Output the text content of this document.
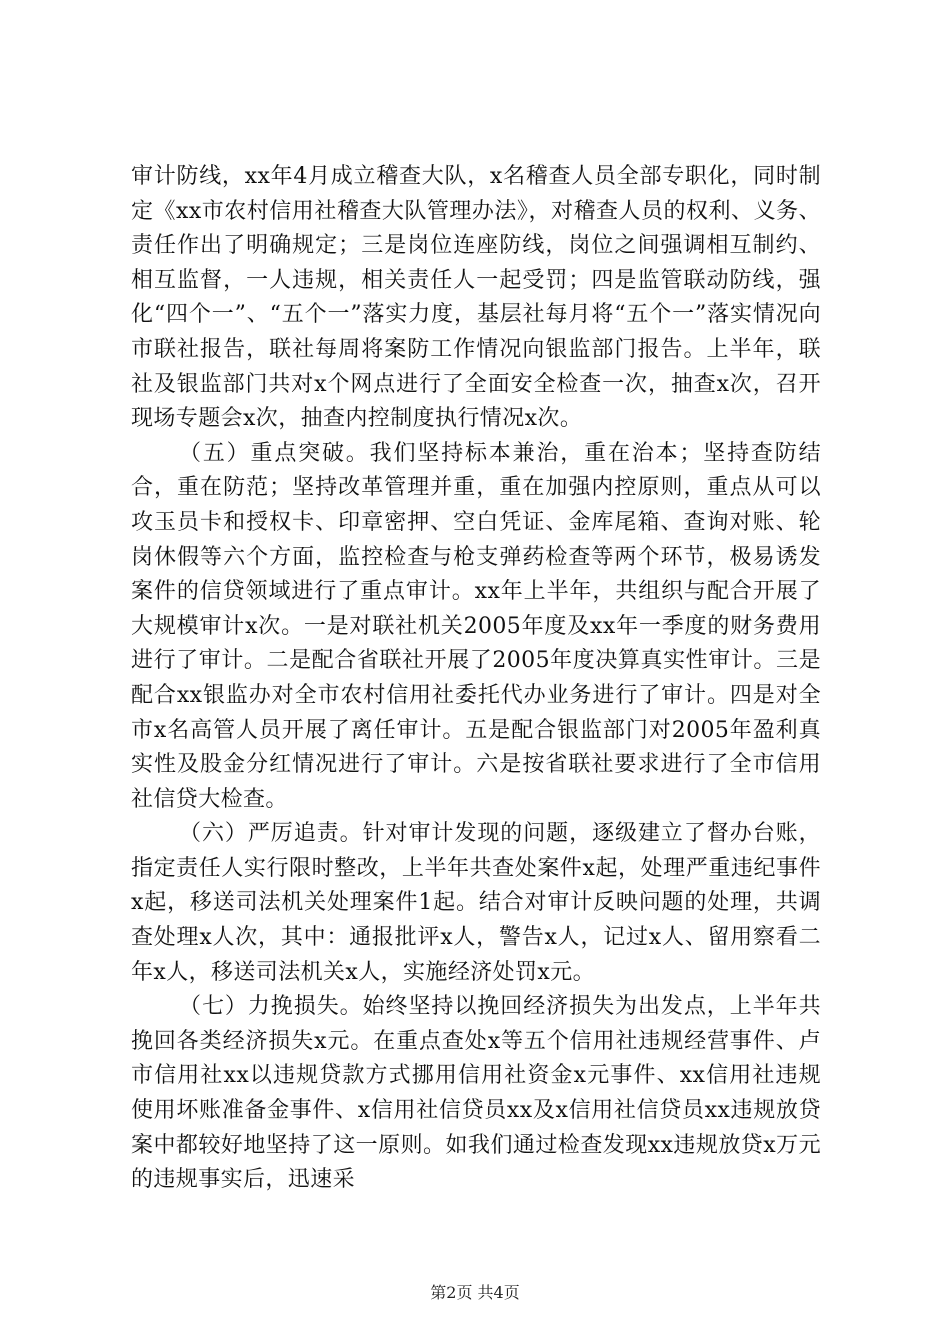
审计防线，xx年4月成立稽查大队，x名稽查人员全部专职化，同时制定《xx市农村信用社稽查大队管理办法》，对稽查人员的权利、义务、责任作出了明确规定；三是岗位连座防线，岗位之间强调相互制约、相互监督，一人违规，相关责任人一起受罚；四是监管联动防线，强化“四个一”、“五个一”落实力度，基层社每月将“五个一”落实情况向市联社报告，联社每周将案防工作情况向银监部门报告。上半年，联社及银监部门共对x个网点进行了全面安全检查一次，抽查x次，召开现场专题会x次，抽查内控制度执行情况x次。

（五）重点突破。我们坚持标本兼治，重在治本；坚持查防结合，重在防范；坚持改革管理并重，重在加强内控原则，重点从可以攻玉员卡和授权卡、印章密押、空白凭证、金库尾箱、查询对账、轮岗休假等六个方面，监控检查与枪支弹药检查等两个环节，极易诱发案件的信贷领域进行了重点审计。xx年上半年，共组织与配合开展了大规模审计x次。一是对联社机关2005年度及xx年一季度的财务费用进行了审计。二是配合省联社开展了2005年度决算真实性审计。三是配合xx银监办对全市农村信用社委托代办业务进行了审计。四是对全市x名高管人员开展了离任审计。五是配合银监部门对2005年盈利真实性及股金分红情况进行了审计。六是按省联社要求进行了全市信用社信贷大检查。

（六）严厉追责。针对审计发现的问题，逐级建立了督办台账，指定责任人实行限时整改，上半年共查处案件x起，处理严重违纪事件x起，移送司法机关处理案件1起。结合对审计反映问题的处理，共调查处理x人次，其中：通报批评x人，警告x人，记过x人、留用察看二年x人，移送司法机关x人，实施经济处罚x元。

（七）力挽损失。始终坚持以挽回经济损失为出发点，上半年共挽回各类经济损失x元。在重点查处x等五个信用社违规经营事件、卢市信用社xx以违规贷款方式挪用信用社资金x元事件、xx信用社违规使用坏账准备金事件、x信用社信贷员xx及x信用社信贷员xx违规放贷案中都较好地坚持了这一原则。如我们通过检查发现xx违规放贷x万元的违规事实后，迅速采

第2页 共4页
